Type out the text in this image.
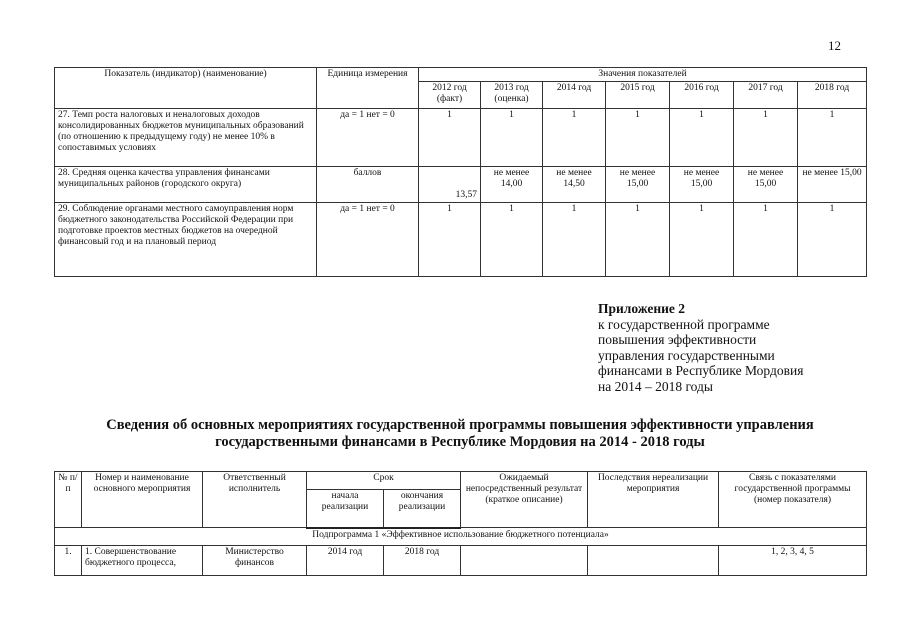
12
Показатель (индикатор) (наименование)	Единица измерения	Значения показателей						
		2012 год (факт)	2013 год (оценка)	2014 год	2015 год	2016 год	2017 год	2018 год
27. Темп роста налоговых и неналоговых доходов консолидированных бюджетов муниципальных образований (по отношению к предыдущему году) не менее 10% в сопоставимых условиях	да = 1 нет = 0	1	1	1	1	1	1	1
28. Средняя оценка качества управления финансами муниципальных районов (городского округа)	баллов	13,57	не менее 14,00	не менее 14,50	не менее 15,00	не менее 15,00	не менее 15,00	не менее 15,00
29. Соблюдение органами местного самоуправления норм бюджетного законодательства Российской Федерации при подготовке проектов местных бюджетов на очередной финансовый год и на плановый период	да = 1 нет = 0	1	1	1	1	1	1	1
Приложение 2
к государственной программе
повышения эффективности
управления государственными
финансами в Республике Мордовия
на 2014 – 2018 годы
Сведения об основных мероприятиях государственной программы повышения эффективности управления государственными финансами в Республике Мордовия на 2014 - 2018 годы
№ п/п	Номер и наименование основного мероприятия	Ответственный исполнитель	Срок		Ожидаемый непосредственный результат (краткое описание)	Последствия нереализации мероприятия	Связь с показателями государственной программы (номер показателя)
			начала реализации	окончания реализации			
Подпрограмма 1 «Эффективное использование бюджетного потенциала»							
1.	1. Совершенствование бюджетного процесса,	Министерство финансов	2014 год	2018 год			1, 2, 3, 4, 5
